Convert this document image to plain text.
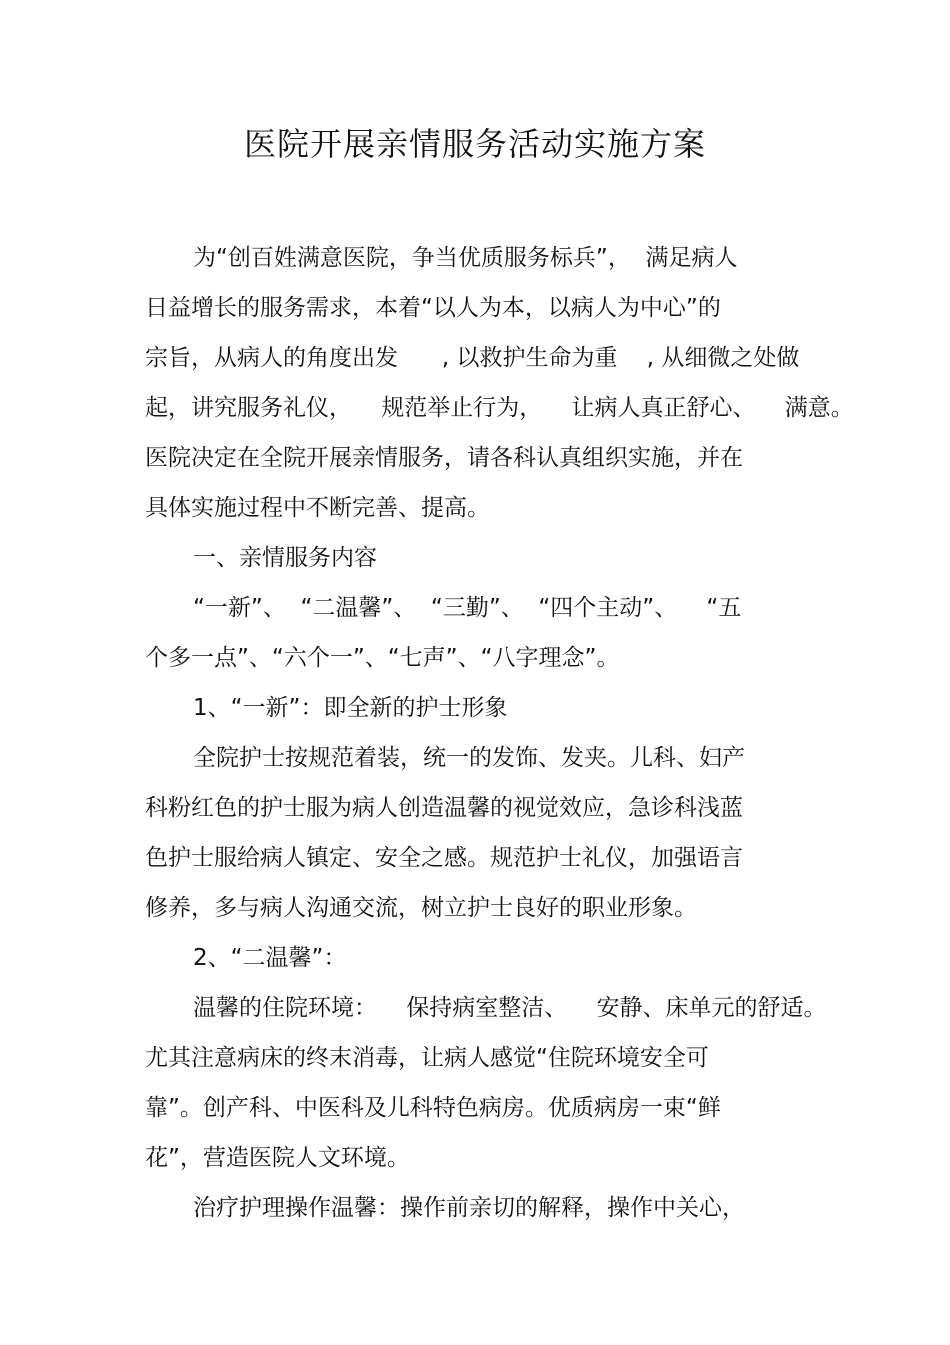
医院开展亲情服务活动实施方案
为“创百姓满意医院，争当优质服务标兵”，  满足病人
日益增长的服务需求，本着“以人为本，以病人为中心”的
宗旨，从病人的角度出发      , 以救护生命为重    , 从细微之处做
起，讲究服务礼仪，    规范举止行为，    让病人真正舒心、    满意。
医院决定在全院开展亲情服务，请各科认真组织实施，并在
具体实施过程中不断完善、提高。
一、亲情服务内容
“一新”、  “二温馨”、  “三勤”、  “四个主动”、    “五
个多一点”、“六个一”、“七声”、“八字理念”。
1、“一新”：即全新的护士形象
全院护士按规范着装，统一的发饰、发夹。儿科、妇产
科粉红色的护士服为病人创造温馨的视觉效应，急诊科浅蓝
色护士服给病人镇定、安全之感。规范护士礼仪，加强语言
修养，多与病人沟通交流，树立护士良好的职业形象。
2、“二温馨”：
温馨的住院环境：    保持病室整洁、    安静、床单元的舒适。
尤其注意病床的终末消毒，让病人感觉“住院环境安全可
靠”。创产科、中医科及儿科特色病房。优质病房一束“鲜
花”，营造医院人文环境。
治疗护理操作温馨：操作前亲切的解释，操作中关心，
